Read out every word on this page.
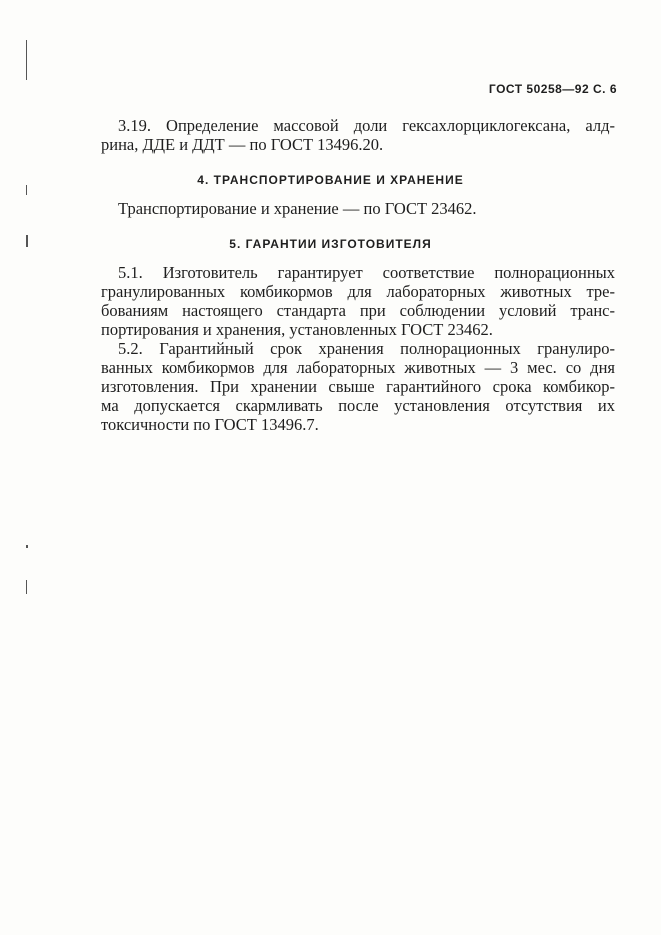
ГОСТ 50258—92 С. 6
3.19. Определение массовой доли гексахлорциклогексана, алд-
рина, ДДЕ и ДДТ — по ГОСТ 13496.20.
4. ТРАНСПОРТИРОВАНИЕ И ХРАНЕНИЕ
Транспортирование и хранение — по ГОСТ 23462.
5. ГАРАНТИИ ИЗГОТОВИТЕЛЯ
5.1. Изготовитель гарантирует соответствие полнорационных
гранулированных комбикормов для лабораторных животных тре-
бованиям настоящего стандарта при соблюдении условий транс-
портирования и хранения, установленных ГОСТ 23462.
5.2. Гарантийный срок хранения полнорационных гранулиро-
ванных комбикормов для лабораторных животных — 3 мес. со дня
изготовления. При хранении свыше гарантийного срока комбикор-
ма допускается скармливать после установления отсутствия их
токсичности по ГОСТ 13496.7.
